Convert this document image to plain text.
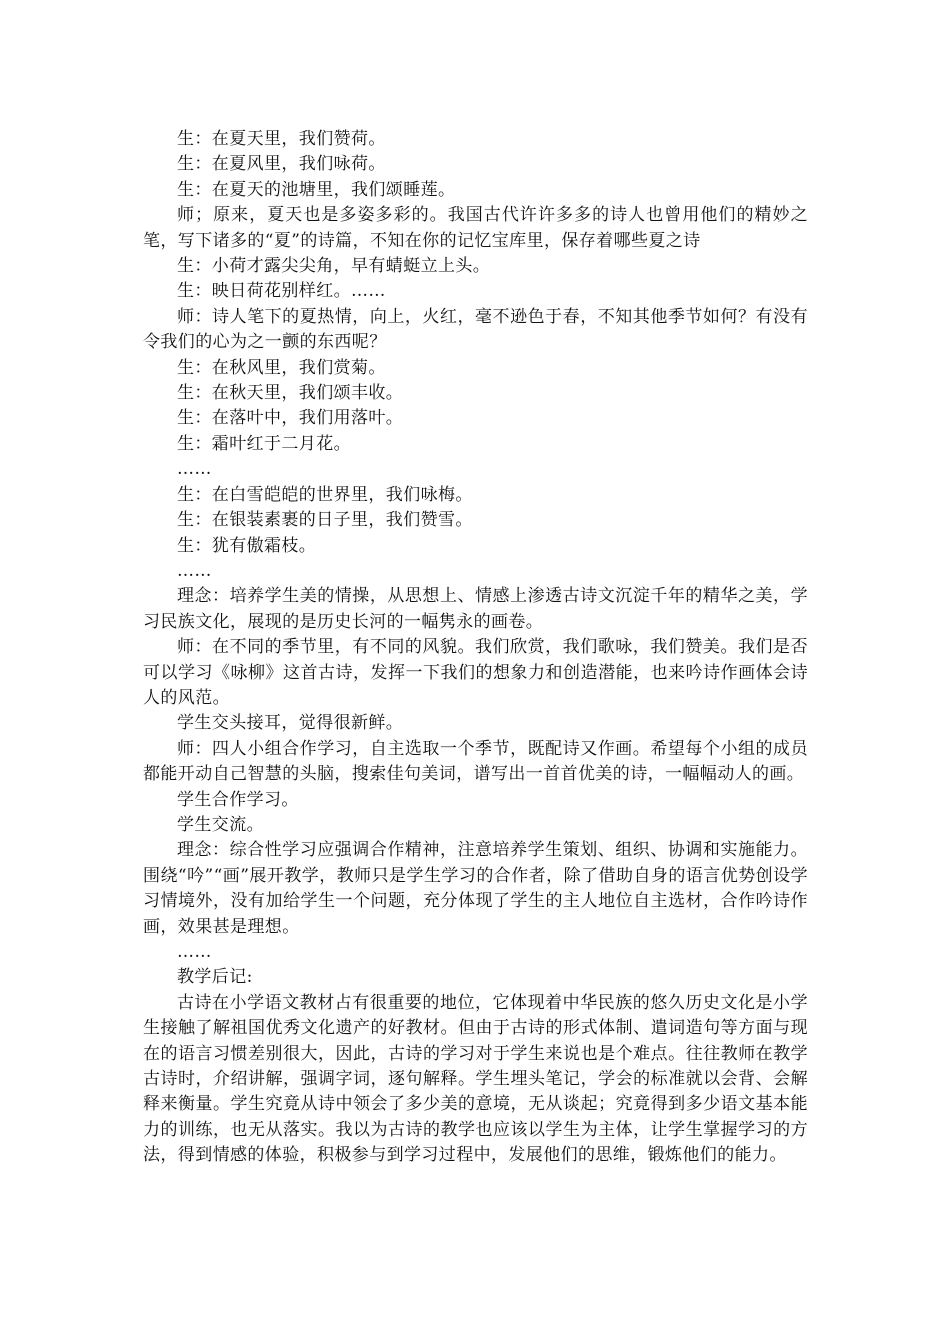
生：在夏天里，我们赞荷。

生：在夏风里，我们咏荷。

生：在夏天的池塘里，我们颂睡莲。

师；原来，夏天也是多姿多彩的。我国古代许许多多的诗人也曾用他们的精妙之笔，写下诸多的“夏”的诗篇，不知在你的记忆宝库里，保存着哪些夏之诗

生：小荷才露尖尖角，早有蜻蜓立上头。

生：映日荷花别样红。……

师：诗人笔下的夏热情，向上，火红，毫不逊色于春，不知其他季节如何？有没有令我们的心为之一颤的东西呢？

生：在秋风里，我们赏菊。

生：在秋天里，我们颂丰收。

生：在落叶中，我们用落叶。

生：霜叶红于二月花。

……

生：在白雪皑皑的世界里，我们咏梅。

生：在银装素裹的日子里，我们赞雪。

生：犹有傲霜枝。

……

理念：培养学生美的情操，从思想上、情感上渗透古诗文沉淀千年的精华之美，学习民族文化，展现的是历史长河的一幅隽永的画卷。

师：在不同的季节里，有不同的风貌。我们欣赏，我们歌咏，我们赞美。我们是否可以学习《咏柳》这首古诗，发挥一下我们的想象力和创造潜能，也来吟诗作画体会诗人的风范。

学生交头接耳，觉得很新鲜。

师：四人小组合作学习，自主选取一个季节，既配诗又作画。希望每个小组的成员都能开动自己智慧的头脑，搜索佳句美词，谱写出一首首优美的诗，一幅幅动人的画。

学生合作学习。

学生交流。

理念：综合性学习应强调合作精神，注意培养学生策划、组织、协调和实施能力。围绕“吟”“画”展开教学，教师只是学生学习的合作者，除了借助自身的语言优势创设学习情境外，没有加给学生一个问题，充分体现了学生的主人地位自主选材，合作吟诗作画，效果甚是理想。

……

教学后记:

古诗在小学语文教材占有很重要的地位，它体现着中华民族的悠久历史文化是小学生接触了解祖国优秀文化遗产的好教材。但由于古诗的形式体制、遣词造句等方面与现在的语言习惯差别很大，因此，古诗的学习对于学生来说也是个难点。往往教师在教学古诗时，介绍讲解，强调字词，逐句解释。学生埋头笔记，学会的标准就以会背、会解释来衡量。学生究竟从诗中领会了多少美的意境，无从谈起；究竟得到多少语文基本能力的训练，也无从落实。我以为古诗的教学也应该以学生为主体，让学生掌握学习的方法，得到情感的体验，积极参与到学习过程中，发展他们的思维，锻炼他们的能力。
